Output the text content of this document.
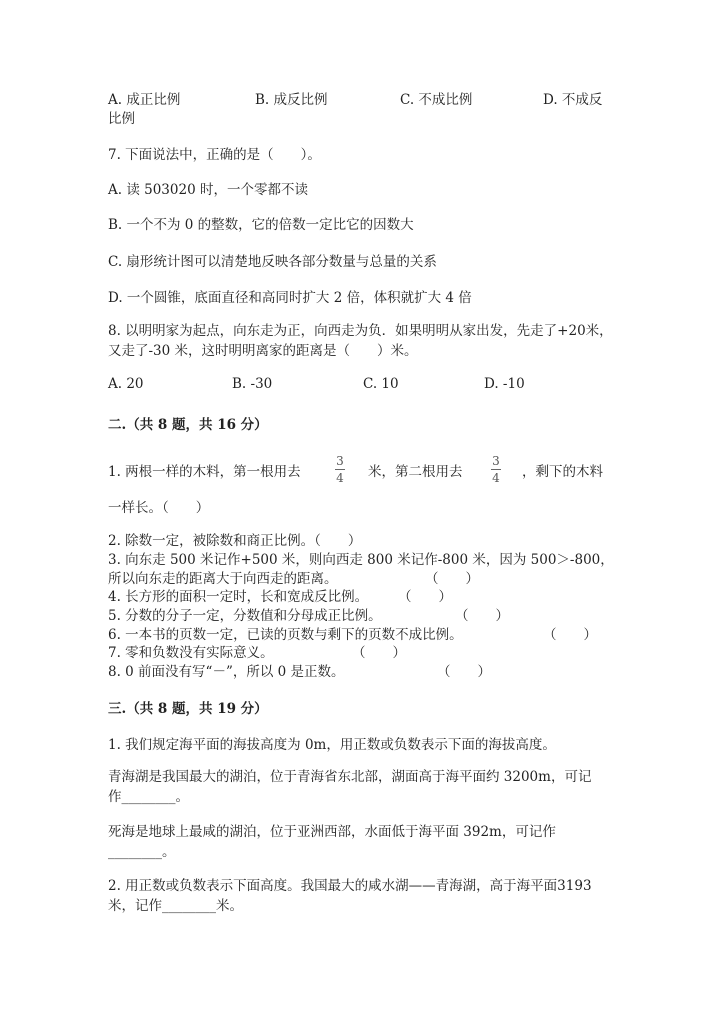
A. 成正比例	B. 成反比例	C. 不成比例	D. 不成反
比例
7. 下面说法中，正确的是（　　）。
A. 读 503020 时，一个零都不读
B. 一个不为 0 的整数，它的倍数一定比它的因数大
C. 扇形统计图可以清楚地反映各部分数量与总量的关系
D. 一个圆锥，底面直径和高同时扩大 2 倍，体积就扩大 4 倍
8. 以明明家为起点，向东走为正，向西走为负．如果明明从家出发，先走了+20米，又走了-30 米，这时明明离家的距离是（　　）米。
A. 20	B. -30	C. 10	D. -10
二.（共 8 题，共 16 分）
1. 两根一样的木料，第一根用去
3
4 米，第二根用去
3
4 ，剩下的木料
一样长。（　　）
2. 除数一定，被除数和商正比例。（　　）
3. 向东走 500 米记作+500 米，则向西走 800 米记作-800 米，因为 500＞-800，
所以向东走的距离大于向西走的距离。	（　　）
4. 长方形的面积一定时，长和宽成反比例。 （　　）
5. 分数的分子一定，分数值和分母成正比例。	（　　）
6. 一本书的页数一定，已读的页数与剩下的页数不成比例。	（　　）
7. 零和负数没有实际意义。	（　　）
8. 0 前面没有写“－”，所以 0 是正数。	（　　）
三.（共 8 题，共 19 分）
1. 我们规定海平面的海拔高度为 0m，用正数或负数表示下面的海拔高度。
青海湖是我国最大的湖泊，位于青海省东北部，湖面高于海平面约 3200m，可记作________。
死海是地球上最咸的湖泊，位于亚洲西部，水面低于海平面 392m，可记作________。
2. 用正数或负数表示下面高度。我国最大的咸水湖——青海湖，高于海平面3193 米，记作________米。
